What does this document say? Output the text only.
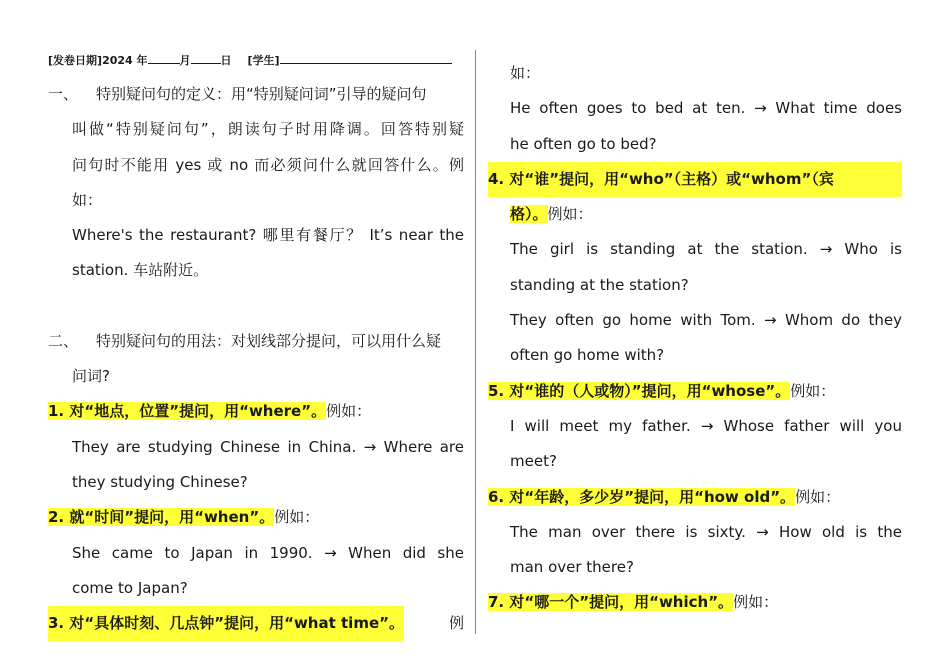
[发卷日期]2024 年	月	日 [学生]
一、	特别疑问句的定义：用“特别疑问词”引导的疑问句
叫做“特别疑问句”，朗读句子时用降调。回答特别疑
问句时不能用 yes 或 no 而必须问什么就回答什么。例
如：
Where's the restaurant? 哪里有餐厅？ It’s near the
station. 车站附近。
二、	特别疑问句的用法：对划线部分提问，可以用什么疑
问词?
1. 对“地点，位置”提问，用“where”。例如：
They are studying Chinese in China. → Where are
they studying Chinese?
2. 就“时间”提问，用“when”。例如：
She came to Japan in 1990. → When did she
come to Japan?
3. 对“具体时刻、几点钟”提问，用“what time”。	例
如：
He often goes to bed at ten. → What time does
he often go to bed?
4. 对“谁”提问，用“who”（主格）或“whom”（宾
格）。例如：
The girl is standing at the station. → Who is
standing at the station?
They often go home with Tom. → Whom do they
often go home with?
5. 对“谁的（人或物）”提问，用“whose”。例如：
I will meet my father. → Whose father will you
meet?
6. 对“年龄，多少岁”提问，用“how old”。例如：
The man over there is sixty. → How old is the
man over there?
7. 对“哪一个”提问，用“which”。例如：
